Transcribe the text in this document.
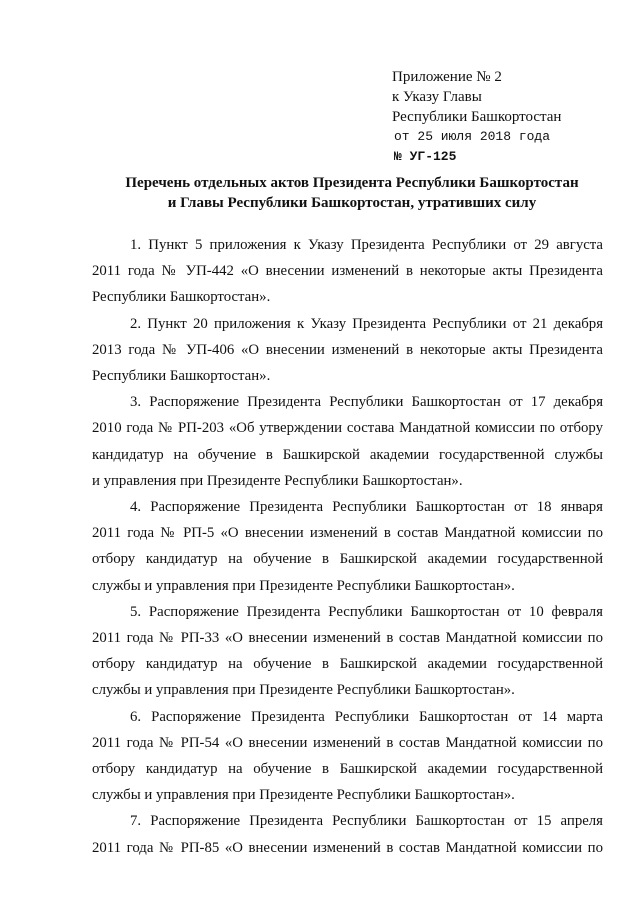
Приложение № 2
к Указу Главы
Республики Башкортостан
от 25 июля 2018 года
№ УГ-125
Перечень отдельных актов Президента Республики Башкортостан
и Главы Республики Башкортостан, утративших силу
1. Пункт 5 приложения к Указу Президента Республики от 29 августа
2011 года № УП-442 «О внесении изменений в некоторые акты Президента
Республики Башкортостан».
2. Пункт 20 приложения к Указу Президента Республики от 21 декабря
2013 года № УП-406 «О внесении изменений в некоторые акты Президента
Республики Башкортостан».
3. Распоряжение Президента Республики Башкортостан от 17 декабря
2010 года № РП-203 «Об утверждении состава Мандатной комиссии по отбору
кандидатур на обучение в Башкирской академии государственной службы
и управления при Президенте Республики Башкортостан».
4. Распоряжение Президента Республики Башкортостан от 18 января
2011 года № РП-5 «О внесении изменений в состав Мандатной комиссии по
отбору кандидатур на обучение в Башкирской академии государственной
службы и управления при Президенте Республики Башкортостан».
5. Распоряжение Президента Республики Башкортостан от 10 февраля
2011 года № РП-33 «О внесении изменений в состав Мандатной комиссии по
отбору кандидатур на обучение в Башкирской академии государственной
службы и управления при Президенте Республики Башкортостан».
6. Распоряжение Президента Республики Башкортостан от 14 марта
2011 года № РП-54 «О внесении изменений в состав Мандатной комиссии по
отбору кандидатур на обучение в Башкирской академии государственной
службы и управления при Президенте Республики Башкортостан».
7. Распоряжение Президента Республики Башкортостан от 15 апреля
2011 года № РП-85 «О внесении изменений в состав Мандатной комиссии по
